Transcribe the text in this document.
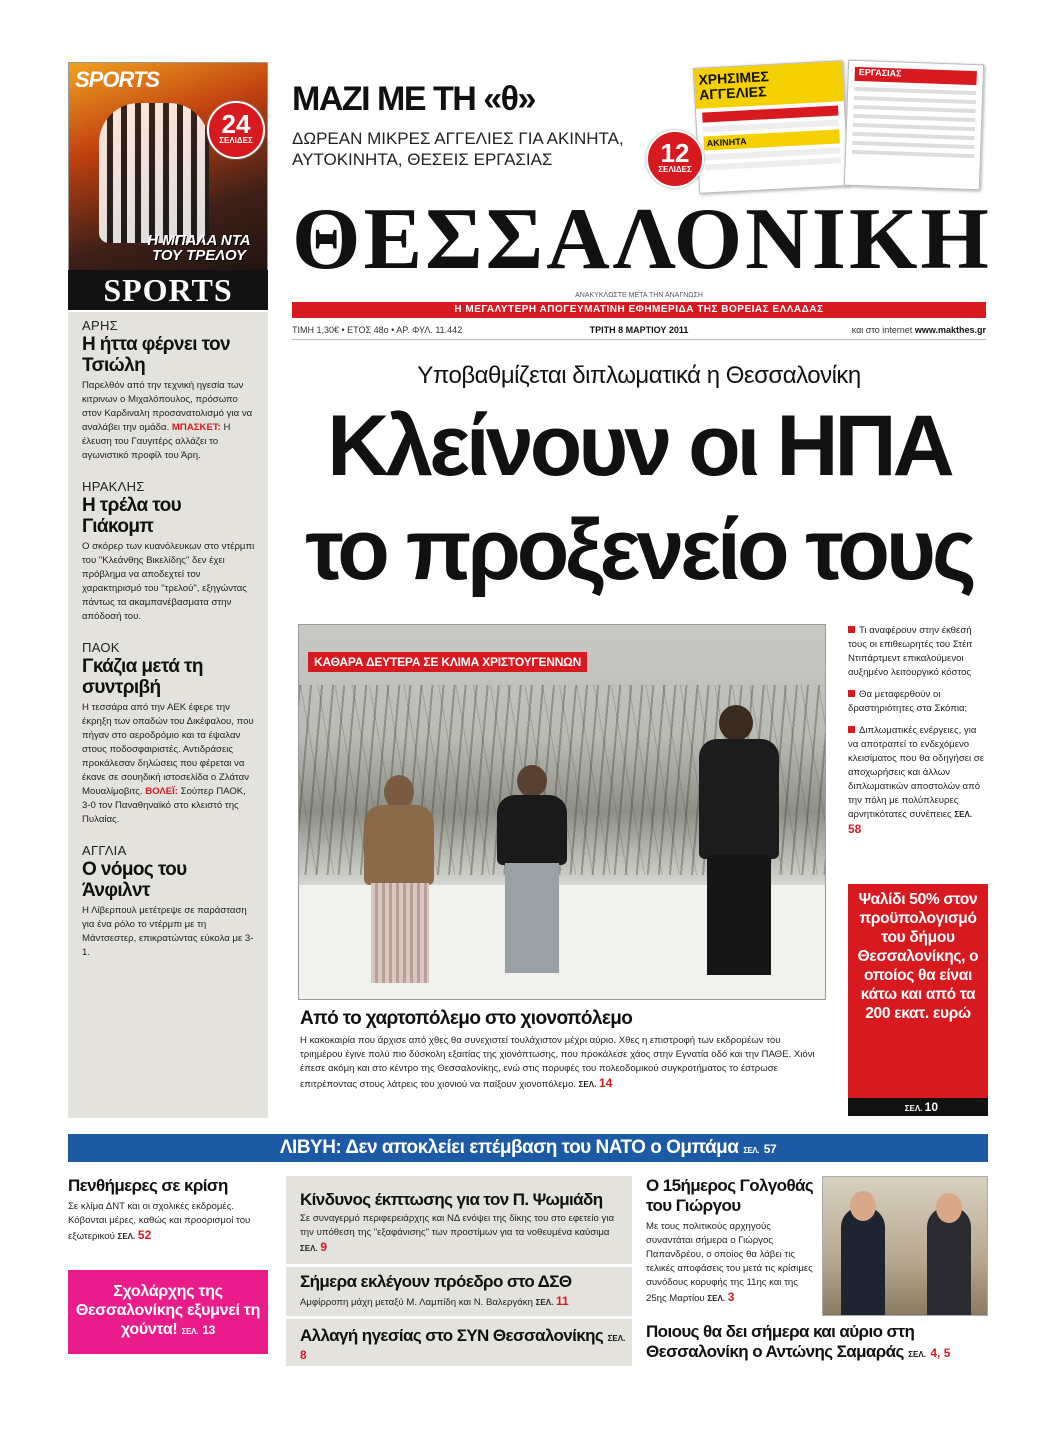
SPORTS
Η ΜΠΑΛΑ ΝΤΑ ΤΟΥ ΤΡΕΛΟΥ
24
ΣΕΛΙΔΕΣ
SPORTS
ΑΡΗΣ
Η ήττα φέρνει τον Τσιώλη
Παρελθόν από την τεχνική ηγεσία των κιτρινων ο Μιχαλόπουλος, πρόσωπο στον Καρδιναλη προσανατολισμό για να αναλάβει την ομάδα. ΜΠΑΣΚΕΤ: Η έλευση του Γαυγιτέρς αλλάζει το αγωνιστικό προφίλ του Άρη.
ΗΡΑΚΛΗΣ
Η τρέλα του Γιάκομπ
Ο σκόρερ των κυανόλευκων στο ντέρμπι του "Κλεάνθης Βικελίδης" δεν έχει πρόβλημα να αποδεχτεί τον χαρακτηρισμό του "τρελού", εξηγώντας πάντως τα ακαμπανέβασματα στην απόδοσή του.
ΠΑΟΚ
Γκάζια μετά τη συντριβή
Η τεσσάρα από την ΑΕΚ έφερε την έκρηξη των οπαδών του Δικέφαλου, που πήγαν στο αεροδρόμιο και τα έψαλαν στους ποδοσφαιριστές. Αντιδράσεις προκάλεσαν δηλώσεις που φέρεται να έκανε σε σουηδική ιστοσελίδα ο Ζλάταν Μουαλίμοβιτς. ΒΟΛΕΪ: Σούπερ ΠΑΟΚ, 3-0 τον Παναθηναϊκό στο κλειστό της Πυλαίας.
ΑΓΓΛΙΑ
Ο νόμος του Άνφιλντ
Η Λίβερπουλ μετέτρεψε σε παράσταση για ένα ρόλο το ντέρμπι με τη Μάντσεστερ, επικρατώντας εύκολα με 3-1.
ΜΑΖΙ ΜΕ ΤΗ «θ»
ΔΩΡΕΑΝ ΜΙΚΡΕΣ ΑΓΓΕΛΙΕΣ ΓΙΑ ΑΚΙΝΗΤΑ, ΑΥΤΟΚΙΝΗΤΑ, ΘΕΣΕΙΣ ΕΡΓΑΣΙΑΣ
ΧΡΗΣΙΜΕΣ ΑΓΓΕΛΙΕΣ
ΑΚΙΝΗΤΑ
ΕΡΓΑΣΙΑΣ
12
ΣΕΛΙΔΕΣ
ΘΕΣΣΑΛΟΝΙΚΗ
ΑΝΑΚΥΚΛΩΣΤΕ ΜΕΤΑ ΤΗΝ ΑΝΑΓΝΩΣΗ
Η ΜΕΓΑΛΥΤΕΡΗ ΑΠΟΓΕΥΜΑΤΙΝΗ ΕΦΗΜΕΡΙΔΑ ΤΗΣ ΒΟΡΕΙΑΣ ΕΛΛΑΔΑΣ
ΤΡΙΤΗ 8 ΜΑΡΤΙΟΥ 2011
ΤΙΜΗ 1,30€ • ΕΤΟΣ 48ο • ΑΡ. ΦΥΛ. 11.442	και στο internet www.makthes.gr
Υποβαθμίζεται διπλωματικά η Θεσσαλονίκη
Κλείνουν οι ΗΠΑ
το προξενείο τους
ΚΑΘΑΡΑ ΔΕΥΤΕΡΑ ΣΕ ΚΛΙΜΑ ΧΡΙΣΤΟΥΓΕΝΝΩΝ
Από το χαρτοπόλεμο στο χιονοπόλεμο
Η κακοκαιρία που άρχισε από χθες θα συνεχιστεί τουλάχιστον μέχρι αύριο. Χθες η επιστροφή των εκδρομέων του τριημέρου έγινε πολύ πιο δύσκολη εξαιτίας της χιονόπτωσης, που προκάλεσε χάος στην Εγνατία οδό και την ΠΑΘΕ. Χιόνι έπεσε ακόμη και στο κέντρο της Θεσσαλονίκης, ενώ στις πορυφές του πολεοδομικού συγκροτήματος το έστρωσε επιτρέποντας στους λάτρεις του χιονιού να παίξουν χιονοπόλεμο. ΣΕΛ. 14
Τι αναφέρουν στην έκθεσή τους οι επιθεωρητές του Στέιτ Ντιπάρτμεντ επικαλούμενοι αυξημένο λειτουργικό κόστος
Θα μεταφερθούν οι δραστηριότητες στα Σκόπια;
Διπλωματικές ενέργειες, για να αποτραπεί το ενδεχόμενο κλεισίματος που θα οδηγήσει σε αποχωρήσεις και άλλων διπλωματικών αποστολών από την πόλη με πολύπλευρες αρνητικότατες συνέπειες ΣΕΛ. 58
Ψαλίδι 50% στον προϋπολογισμό του δήμου Θεσσαλονίκης, ο οποίος θα είναι κάτω και από τα 200 εκατ. ευρώ
ΣΕΛ. 10
ΛΙΒΥΗ: Δεν αποκλείει επέμβαση του ΝΑΤΟ ο Ομπάμα ΣΕΛ. 57
Πενθήμερες σε κρίση
Σε κλίμα ΔΝΤ και οι σχολικές εκδρομές. Κόβονται μέρες, καθώς και προορισμοί του εξωτερικού ΣΕΛ. 52
Σχολάρχης της Θεσσαλονίκης εξυμνεί τη χούντα! ΣΕΛ. 13
Κίνδυνος έκπτωσης για τον Π. Ψωμιάδη
Σε συναγερμό περιφερειάρχης και ΝΔ ενόψει της δίκης του στο εφετείο για την υπόθεση της "εξαφάνισης" των προστίμων για τα νοθευμένα καύσιμα ΣΕΛ. 9
Σήμερα εκλέγουν πρόεδρο στο ΔΣΘ
Αμφίρροπη μάχη μεταξύ Μ. Λαμπίδη και Ν. Βαλεργάκη ΣΕΛ. 11
Αλλαγή ηγεσίας στο ΣΥΝ Θεσσαλονίκης ΣΕΛ. 8
Ο 15ήμερος Γολγοθάς του Γιώργου
Με τους πολιτικούς αρχηγούς συναντάται σήμερα ο Γιώργος Παπανδρέου, ο οποίος θα λάβει τις τελικές αποφάσεις του μετά τις κρίσιμες συνόδους κορυφής της 11ης και της 25ης Μαρτίου ΣΕΛ. 3
Ποιους θα δει σήμερα και αύριο στη Θεσσαλονίκη ο Αντώνης Σαμαράς ΣΕΛ. 4, 5
